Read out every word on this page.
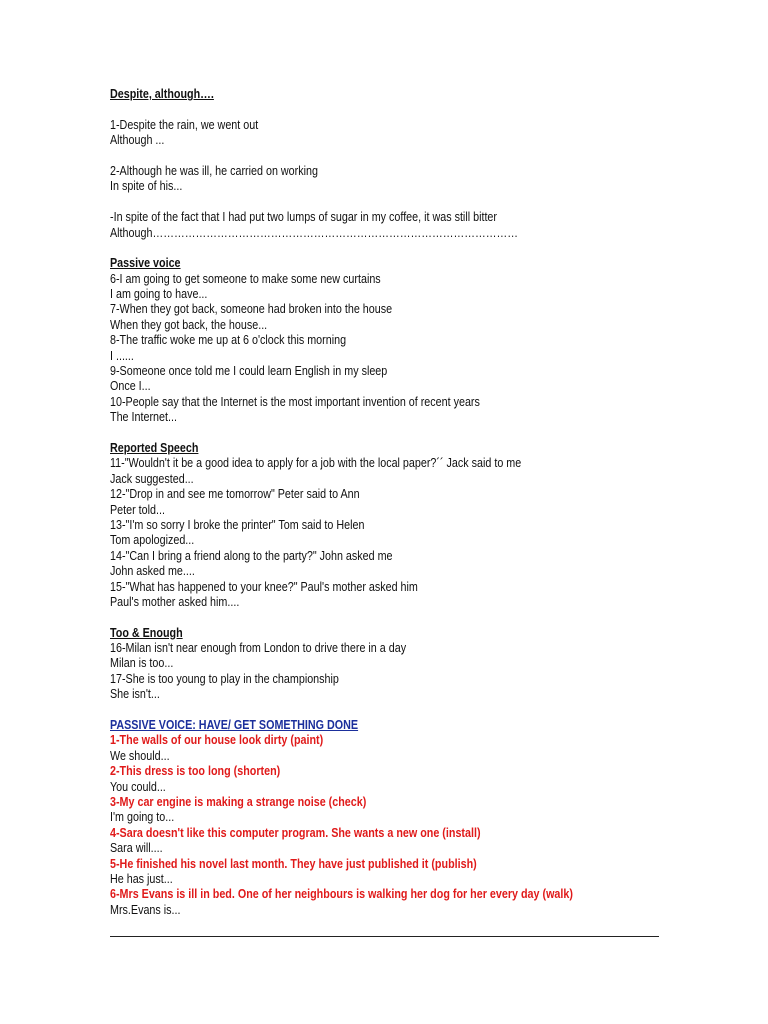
Despite, although….
1-Despite the rain, we went out
Although ...
2-Although he was ill, he carried on working
In spite of his...
-In spite of the fact that I had put two lumps of sugar in my coffee, it was still bitter
Although…………………………………………………………………………………………
Passive voice
6-I am going to get someone to make some new curtains
I am going to have...
7-When they got back, someone had broken into the house
When they got back, the house...
8-The traffic woke me up at 6 o'clock this morning
I ......
9-Someone once told me I could learn English in my sleep
Once I...
10-People say that the Internet is the most important invention of recent years
The Internet...
Reported Speech
11-"Wouldn't it be a good idea to apply for a job with the local paper?´´ Jack said to me
Jack suggested...
12-"Drop in and see me tomorrow" Peter said to Ann
Peter told...
13-"I'm so sorry I broke the printer" Tom said to Helen
Tom apologized...
14-"Can I bring a friend along to the party?" John asked me
John asked me....
15-"What has happened to your knee?" Paul's mother asked him
Paul's mother asked him....
Too & Enough
16-Milan isn't near enough from London to drive there in a day
Milan is too...
17-She is too young to play in the championship
She isn't...
PASSIVE VOICE: HAVE/ GET SOMETHING DONE
1-The walls of our house look dirty (paint)
We should...
2-This dress is too long (shorten)
You could...
3-My car engine is making a strange noise (check)
I'm going to...
4-Sara doesn't like this computer program. She wants a new one (install)
Sara will....
5-He finished his novel last month. They have just published it (publish)
He has just...
6-Mrs Evans is ill in bed. One of her neighbours is walking her dog for her every day (walk)
Mrs.Evans is...
